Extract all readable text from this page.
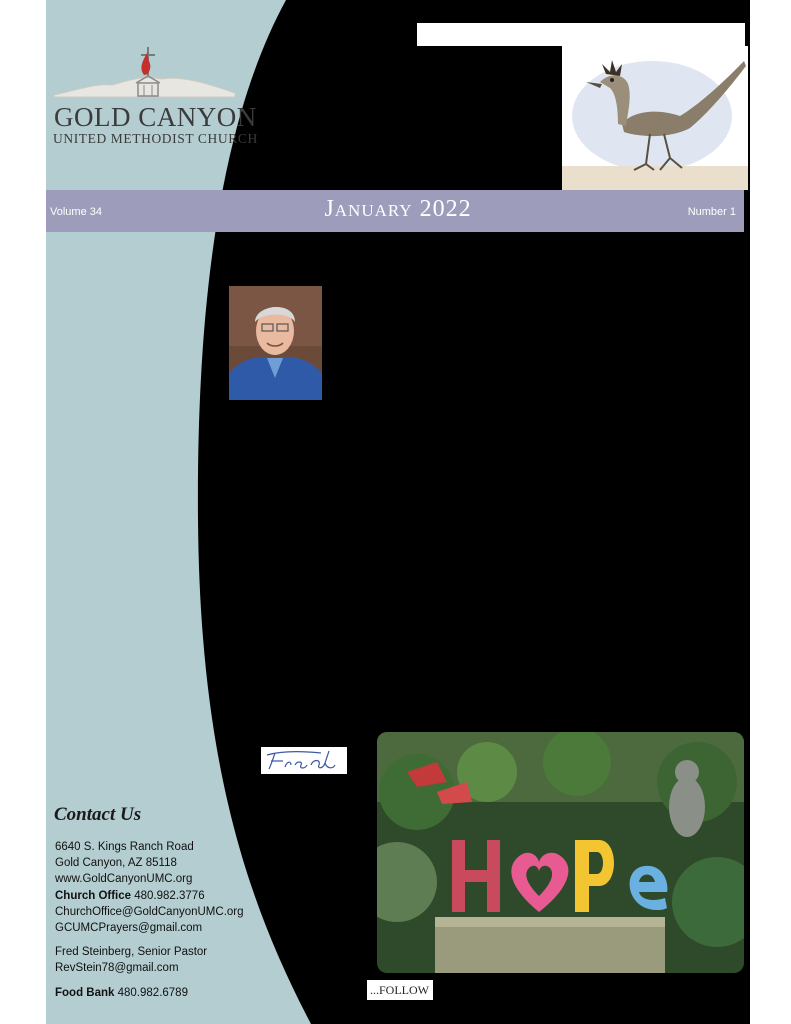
GOLD CANYON
UNITED METHODIST CHURCH
Volume 34	January 2022	Number 1
...FOLLOW
Contact Us
6640 S. Kings Ranch Road
Gold Canyon, AZ 85118
www.GoldCanyonUMC.org
Church Office 480.982.3776
ChurchOffice@GoldCanyonUMC.org
GCUMCPrayers@gmail.com
Fred Steinberg, Senior Pastor
RevStein78@gmail.com
Food Bank 480.982.6789
